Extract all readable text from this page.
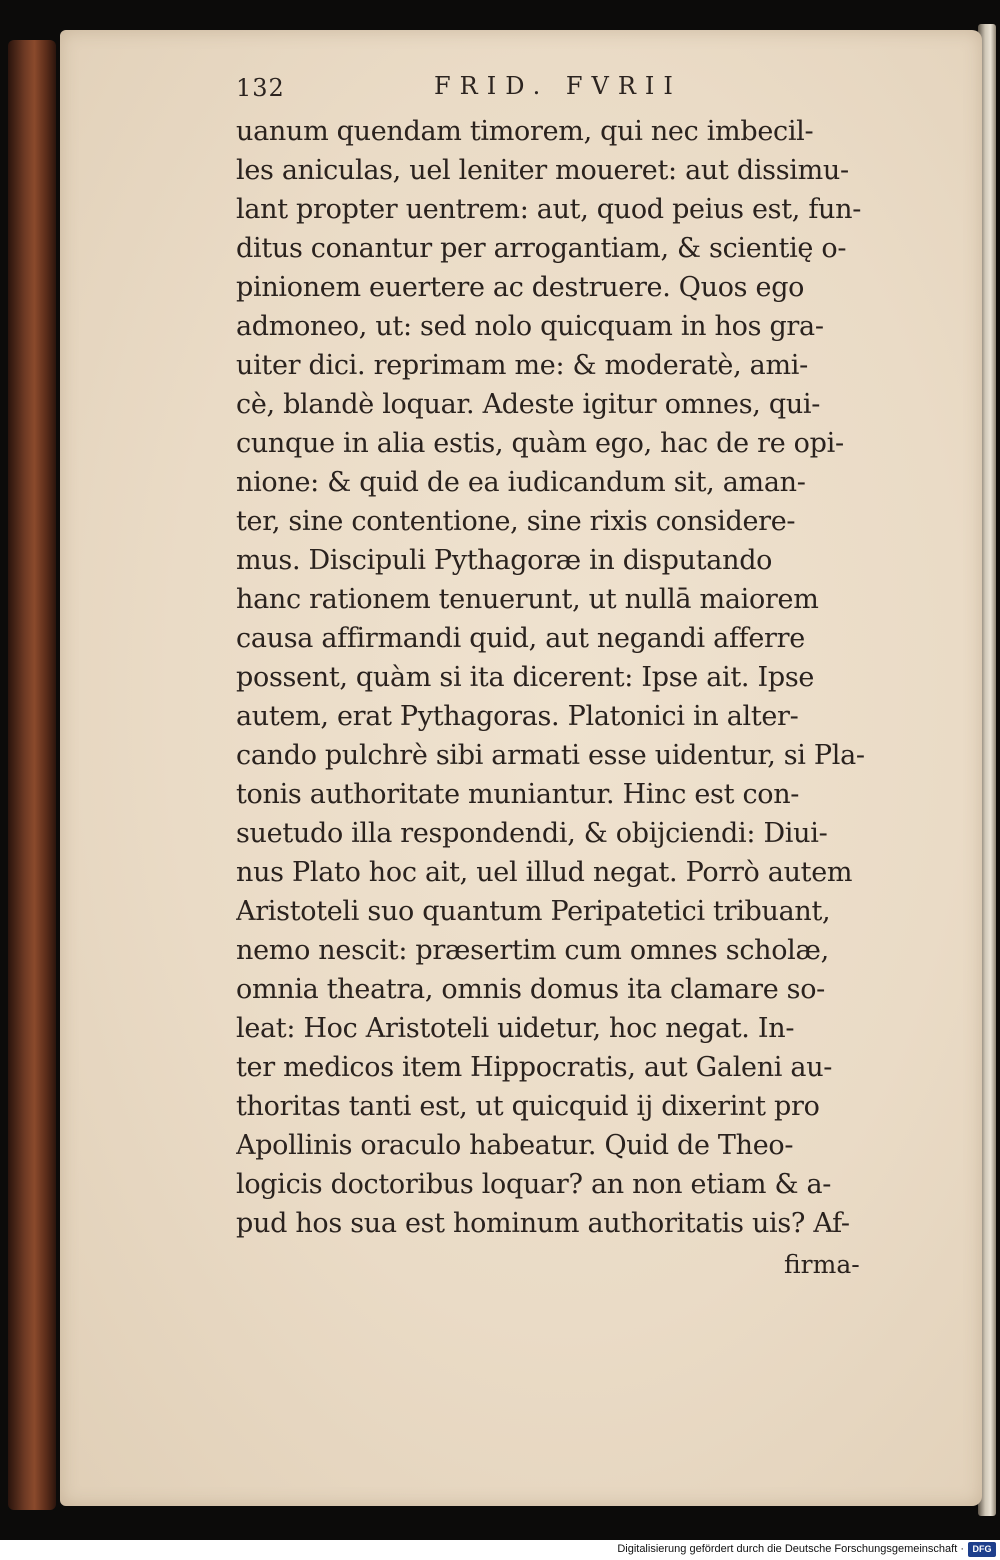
132	FRID. FVRII
uanum quendam timorem, qui nec imbecil-
les aniculas, uel leniter moueret: aut dissimu-
lant propter uentrem: aut, quod peius est, fun-
ditus conantur per arrogantiam, & scientię o-
pinionem euertere ac destruere. Quos ego
admoneo, ut: sed nolo quicquam in hos gra-
uiter dici. reprimam me: & moderatè, ami-
cè, blandè loquar. Adeste igitur omnes, qui-
cunque in alia estis, quàm ego, hac de re opi-
nione: & quid de ea iudicandum sit, aman-
ter, sine contentione, sine rixis considere-
mus. Discipuli Pythagoræ in disputando
hanc rationem tenuerunt, ut nullā maiorem
causa affirmandi quid, aut negandi afferre
possent, quàm si ita dicerent: Ipse ait. Ipse
autem, erat Pythagoras. Platonici in alter-
cando pulchrè sibi armati esse uidentur, si Pla-
tonis authoritate muniantur. Hinc est con-
suetudo illa respondendi, & obijciendi: Diui-
nus Plato hoc ait, uel illud negat. Porrò autem
Aristoteli suo quantum Peripatetici tribuant,
nemo nescit: præsertim cum omnes scholæ,
omnia theatra, omnis domus ita clamare so-
leat: Hoc Aristoteli uidetur, hoc negat. In-
ter medicos item Hippocratis, aut Galeni au-
thoritas tanti est, ut quicquid ij dixerint pro
Apollinis oraculo habeatur. Quid de Theo-
logicis doctoribus loquar? an non etiam & a-
pud hos sua est hominum authoritatis uis? Af-
firma-
Digitalisierung gefördert durch die Deutsche Forschungsgemeinschaft · DFG
